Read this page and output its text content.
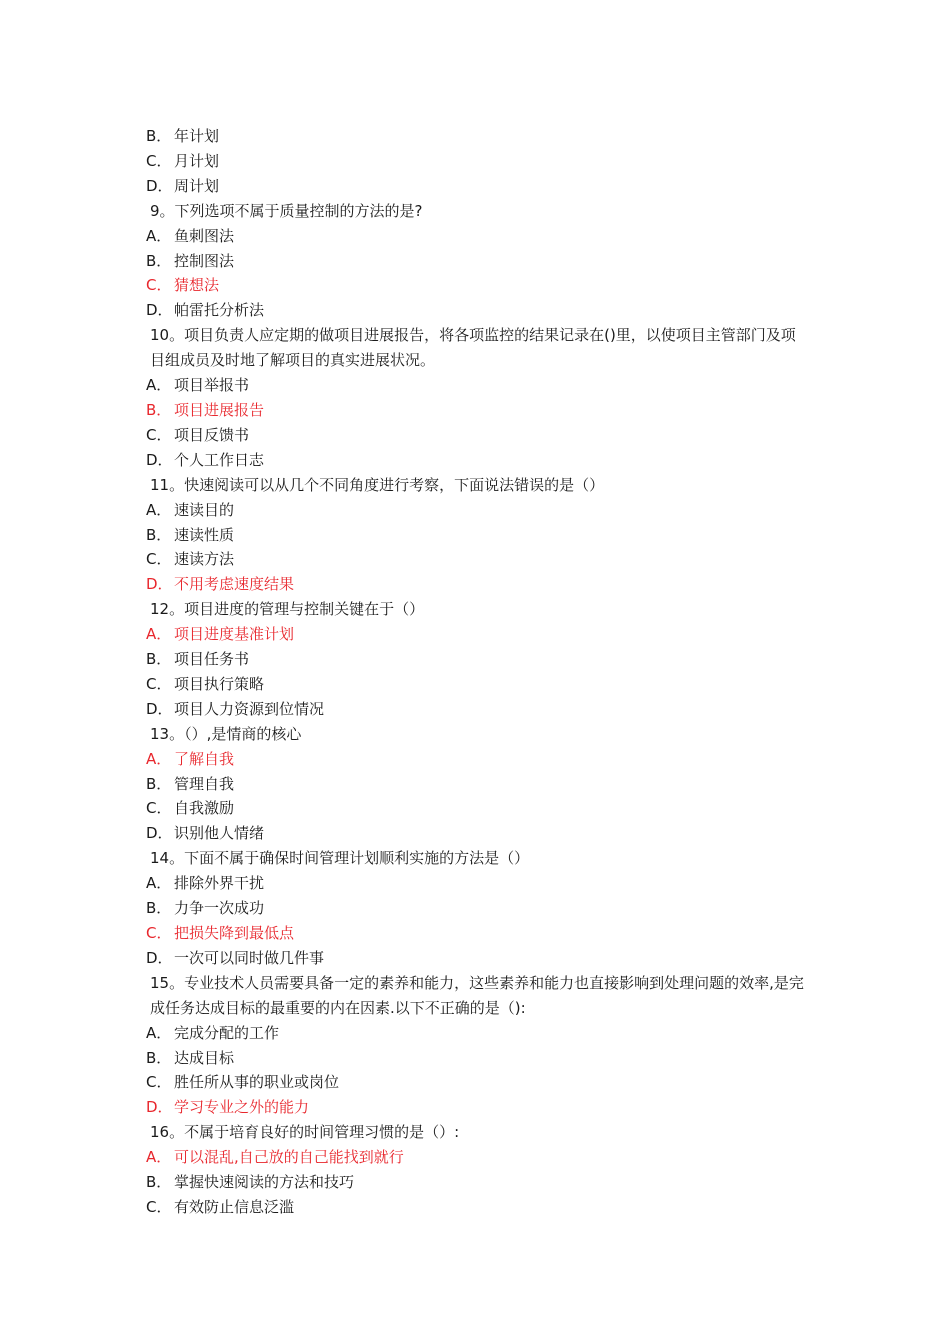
B． 年计划
C． 月计划
D．周计划
9。下列选项不属于质量控制的方法的是?
A． 鱼刺图法
B． 控制图法
C． 猜想法
D．帕雷托分析法
10。项目负责人应定期的做项目进展报告，将各项监控的结果记录在()里，以使项目主管部门及项目组成员及时地了解项目的真实进展状况。
A． 项目举报书
B． 项目进展报告
C． 项目反馈书
D．个人工作日志
11。快速阅读可以从几个不同角度进行考察，下面说法错误的是（）
A． 速读目的
B． 速读性质
C． 速读方法
D．不用考虑速度结果
12。项目进度的管理与控制关键在于（）
A． 项目进度基准计划
B． 项目任务书
C． 项目执行策略
D．项目人力资源到位情况
13。（）,是情商的核心
A． 了解自我
B． 管理自我
C． 自我激励
D．识别他人情绪
14。下面不属于确保时间管理计划顺利实施的方法是（）
A． 排除外界干扰
B． 力争一次成功
C． 把损失降到最低点
D．一次可以同时做几件事
15。专业技术人员需要具备一定的素养和能力，这些素养和能力也直接影响到处理问题的效率,是完成任务达成目标的最重要的内在因素.以下不正确的是（):
A． 完成分配的工作
B． 达成目标
C． 胜任所从事的职业或岗位
D．学习专业之外的能力
16。不属于培育良好的时间管理习惯的是（）:
A． 可以混乱,自己放的自己能找到就行
B． 掌握快速阅读的方法和技巧
C． 有效防止信息泛滥
